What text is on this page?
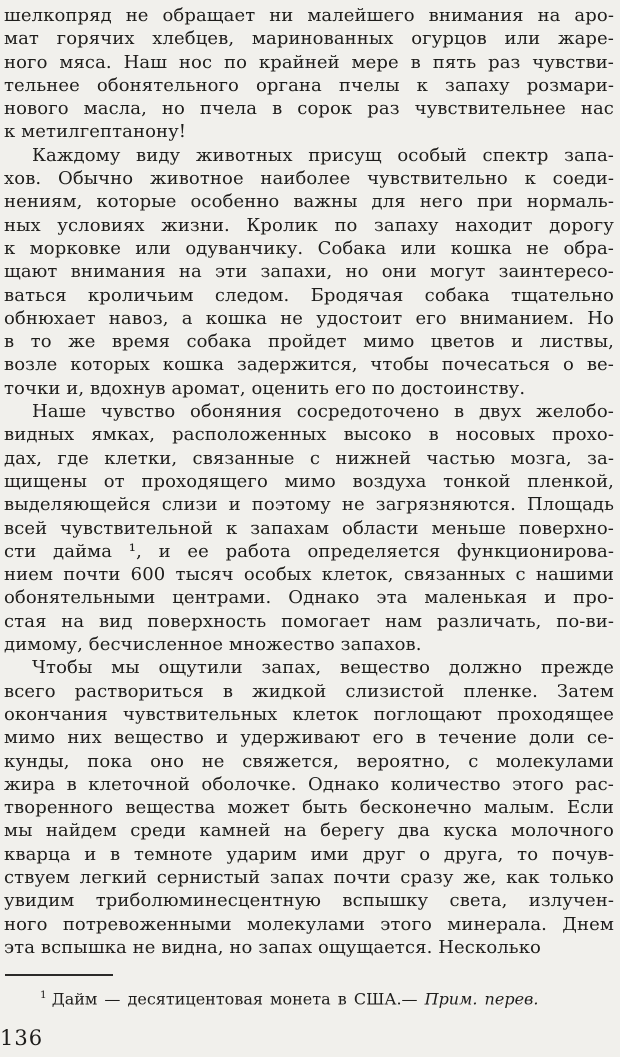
шелкопряд не обращает ни малейшего внимания на аро-
мат горячих хлебцев, маринованных огурцов или жаре-
ного мяса. Наш нос по крайней мере в пять раз чувстви-
тельнее обонятельного органа пчелы к запаху розмари-
нового масла, но пчела в сорок раз чувствительнее нас
к метилгептанону!
Каждому виду животных присущ особый спектр запа-
хов. Обычно животное наиболее чувствительно к соеди-
нениям, которые особенно важны для него при нормаль-
ных условиях жизни. Кролик по запаху находит дорогу
к морковке или одуванчику. Собака или кошка не обра-
щают внимания на эти запахи, но они могут заинтересо-
ваться кроличьим следом. Бродячая собака тщательно
обнюхает навоз, а кошка не удостоит его вниманием. Но
в то же время собака пройдет мимо цветов и листвы,
возле которых кошка задержится, чтобы почесаться о ве-
точки и, вдохнув аромат, оценить его по достоинству.
Наше чувство обоняния сосредоточено в двух желобо-
видных ямках, расположенных высоко в носовых прохо-
дах, где клетки, связанные с нижней частью мозга, за-
щищены от проходящего мимо воздуха тонкой пленкой,
выделяющейся слизи и поэтому не загрязняются. Площадь
всей чувствительной к запахам области меньше поверхно-
сти дайма ¹, и ее работа определяется функционирова-
нием почти 600 тысяч особых клеток, связанных с нашими
обонятельными центрами. Однако эта маленькая и про-
стая на вид поверхность помогает нам различать, по-ви-
димому, бесчисленное множество запахов.
Чтобы мы ощутили запах, вещество должно прежде
всего раствориться в жидкой слизистой пленке. Затем
окончания чувствительных клеток поглощают проходящее
мимо них вещество и удерживают его в течение доли се-
кунды, пока оно не свяжется, вероятно, с молекулами
жира в клеточной оболочке. Однако количество этого рас-
творенного вещества может быть бесконечно малым. Если
мы найдем среди камней на берегу два куска молочного
кварца и в темноте ударим ими друг о друга, то почув-
ствуем легкий сернистый запах почти сразу же, как только
увидим триболюминесцентную вспышку света, излучен-
ного потревоженными молекулами этого минерала. Днем
эта вспышка не видна, но запах ощущается. Несколько
$^1$ Дайм — десятицентовая монета в США.— Прим. перев.
136
